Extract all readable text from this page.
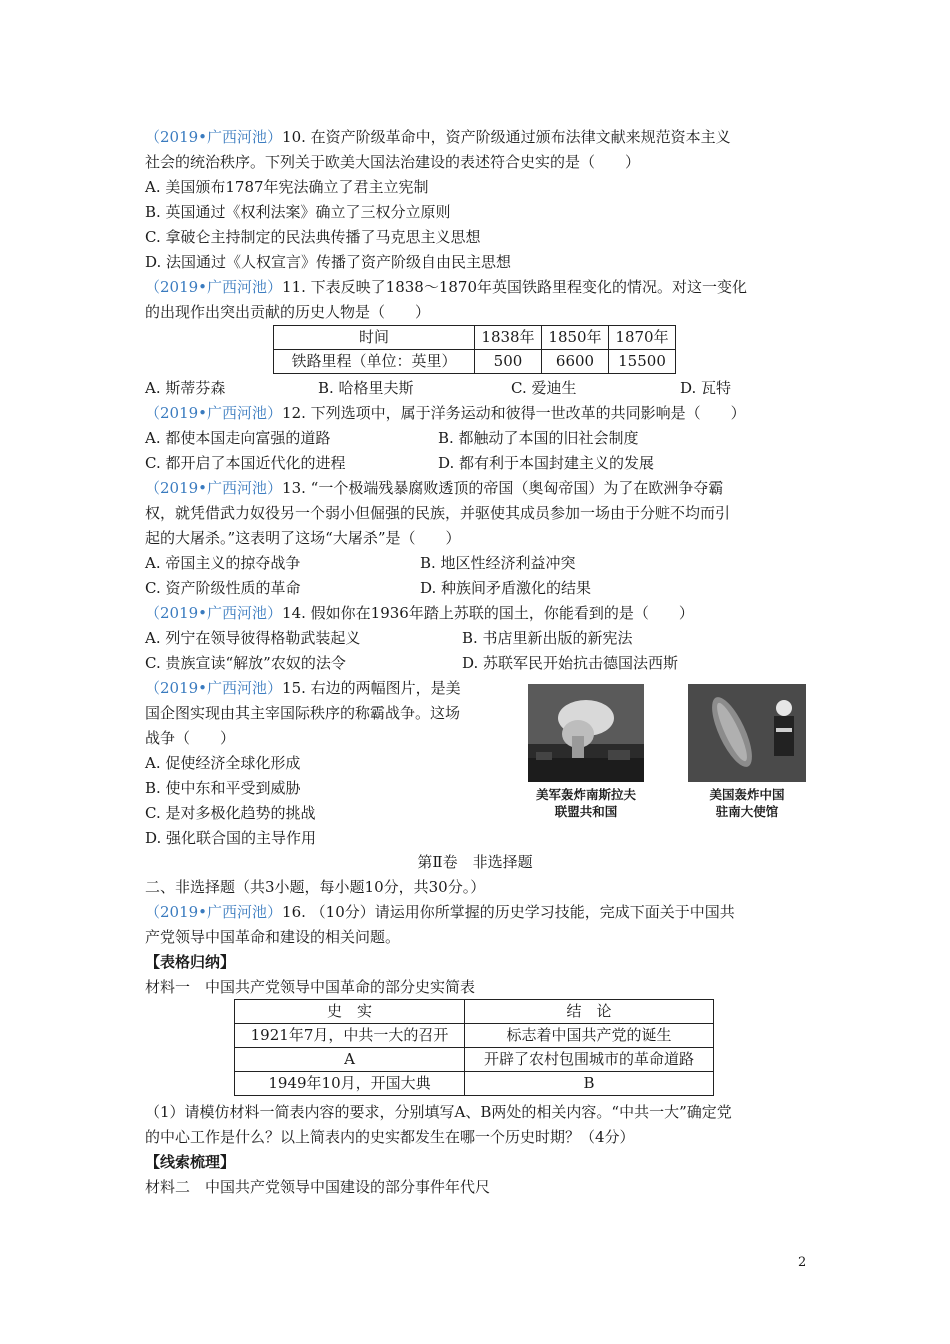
（2019•广西河池）10. 在资产阶级革命中，资产阶级通过颁布法律文献来规范资本主义
社会的统治秩序。下列关于欧美大国法治建设的表述符合史实的是（　　）
A. 美国颁布1787年宪法确立了君主立宪制
B. 英国通过《权利法案》确立了三权分立原则
C. 拿破仑主持制定的民法典传播了马克思主义思想
D. 法国通过《人权宣言》传播了资产阶级自由民主思想
（2019•广西河池）11. 下表反映了1838～1870年英国铁路里程变化的情况。对这一变化
的出现作出突出贡献的历史人物是（　　）
时间	1838年	1850年	1870年
铁路里程（单位：英里）	500	6600	15500
A. 斯蒂芬森	B. 哈格里夫斯	C. 爱迪生	D. 瓦特
（2019•广西河池）12. 下列选项中，属于洋务运动和彼得一世改革的共同影响是（　　）
A. 都使本国走向富强的道路	B. 都触动了本国的旧社会制度
C. 都开启了本国近代化的进程	D. 都有利于本国封建主义的发展
（2019•广西河池）13. “一个极端残暴腐败透顶的帝国（奥匈帝国）为了在欧洲争夺霸
权，就凭借武力奴役另一个弱小但倔强的民族，并驱使其成员参加一场由于分赃不均而引
起的大屠杀。”这表明了这场“大屠杀”是（　　）
A. 帝国主义的掠夺战争	B. 地区性经济利益冲突
C. 资产阶级性质的革命	D. 种族间矛盾激化的结果
（2019•广西河池）14. 假如你在1936年踏上苏联的国土，你能看到的是（　　）
A. 列宁在领导彼得格勒武装起义	B. 书店里新出版的新宪法
C. 贵族宣读“解放”农奴的法令	D. 苏联军民开始抗击德国法西斯
（2019•广西河池）15. 右边的两幅图片，是美
国企图实现由其主宰国际秩序的称霸战争。这场
战争（　　）
A. 促使经济全球化形成
B. 使中东和平受到威胁
C. 是对多极化趋势的挑战
D. 强化联合国的主导作用
美军轰炸南斯拉夫
联盟共和国
美国轰炸中国
驻南大使馆
第Ⅱ卷　非选择题
二、非选择题（共3小题，每小题10分，共30分。）
（2019•广西河池）16. （10分）请运用你所掌握的历史学习技能，完成下面关于中国共
产党领导中国革命和建设的相关问题。
【表格归纳】
材料一　中国共产党领导中国革命的部分史实简表
史　实	结　论
1921年7月，中共一大的召开	标志着中国共产党的诞生
A	开辟了农村包围城市的革命道路
1949年10月，开国大典	B
（1）请模仿材料一简表内容的要求，分别填写A、B两处的相关内容。“中共一大”确定党
的中心工作是什么？以上简表内的史实都发生在哪一个历史时期？（4分）
【线索梳理】
材料二　中国共产党领导中国建设的部分事件年代尺
2
